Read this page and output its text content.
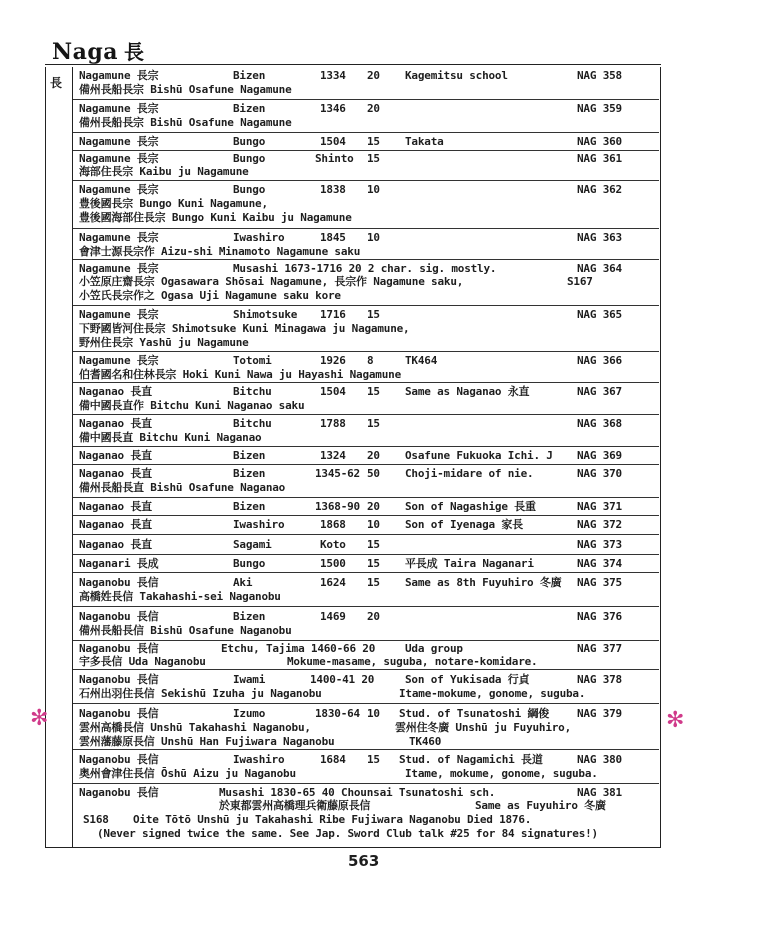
Naga 長
長
Nagamune 長宗	Bizen	1334 20 Kagemitsu school	NAG 358
備州長船長宗 Bishū Osafune Nagamune
Nagamune 長宗	Bizen	1346 20	NAG 359
備州長船長宗 Bishū Osafune Nagamune
Nagamune 長宗	Bungo	1504 15 Takata	NAG 360
Nagamune 長宗	Bungo	Shinto 15	NAG 361
海部住長宗 Kaibu ju Nagamune
Nagamune 長宗	Bungo	1838 10	NAG 362
豊後國長宗 Bungo Kuni Nagamune,
豊後國海部住長宗 Bungo Kuni Kaibu ju Nagamune
Nagamune 長宗	Iwashiro	1845 10	NAG 363
會津士源長宗作 Aizu-shi Minamoto Nagamune saku
Nagamune 長宗	Musashi 1673-1716 20 2 char. sig. mostly.	NAG 364
小笠原庄齋長宗 Ogasawara Shōsai Nagamune, 長宗作 Nagamune saku,	S167
小笠氏長宗作之 Ogasa Uji Nagamune saku kore
Nagamune 長宗	Shimotsuke 1716 15	NAG 365
下野國皆河住長宗 Shimotsuke Kuni Minagawa ju Nagamune,
野州住長宗 Yashū ju Nagamune
Nagamune 長宗	Totomi	1926 8	TK464	NAG 366
伯耆國名和住林長宗 Hoki Kuni Nawa ju Hayashi Nagamune
Naganao 長直	Bitchu	1504 15 Same as Naganao 永直	NAG 367
備中國長直作 Bitchu Kuni Naganao saku
Naganao 長直	Bitchu	1788 15	NAG 368
備中國長直 Bitchu Kuni Naganao
Naganao 長直	Bizen	1324 20 Osafune Fukuoka Ichi. J NAG 369
Naganao 長直	Bizen	1345-62 50 Choji-midare of nie.	NAG 370
備州長船長直 Bishū Osafune Naganao
Naganao 長直	Bizen	1368-90 20 Son of Nagashige 長重	NAG 371
Naganao 長直	Iwashiro	1868 10 Son of Iyenaga 家長	NAG 372
Naganao 長直	Sagami	Koto 15	NAG 373
Naganari 長成	Bungo	1500 15 平長成 Taira Naganari	NAG 374
Naganobu 長信	Aki	1624 15 Same as 8th Fuyuhiro 冬廣 NAG 375
高橋姓長信 Takahashi-sei Naganobu
Naganobu 長信	Bizen	1469 20	NAG 376
備州長船長信 Bishū Osafune Naganobu
Naganobu 長信	Etchu, Tajima 1460-66 20	Uda group	NAG 377
宇多長信 Uda Naganobu	Mokume-masame, suguba, notare-komidare.
Naganobu 長信	Iwami	1400-41 20	Son of Yukisada 行貞	NAG 378
石州出羽住長信 Sekishū Izuha ju Naganobu	Itame-mokume, gonome, suguba.
Naganobu 長信	Izumo	1830-64 10 Stud. of Tsunatoshi 綱俊	NAG 379
雲州高橋長信 Unshū Takahashi Naganobu,	雲州住冬廣 Unshū ju Fuyuhiro,
雲州藩藤原長信 Unshū Han Fujiwara Naganobu	TK460
Naganobu 長信	Iwashiro	1684 15 Stud. of Nagamichi 長道	NAG 380
奥州會津住長信 Ōshū Aizu ju Naganobu	Itame, mokume, gonome, suguba.
Naganobu 長信	Musashi 1830-65 40 Chounsai Tsunatoshi sch.	NAG 381
於東都雲州高橋理兵衛藤原長信	Same as Fuyuhiro 冬廣
S168 Oite Tōtō Unshū ju Takahashi Ribe Fujiwara Naganobu Died 1876.
(Never signed twice the same. See Jap. Sword Club talk #25 for 84 signatures!)
✻	✻
563
